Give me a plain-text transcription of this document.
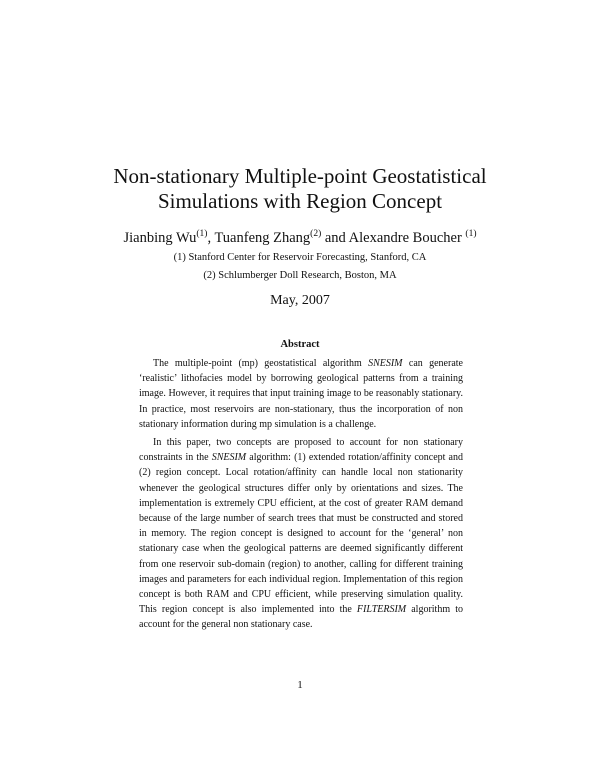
Non-stationary Multiple-point Geostatistical
Simulations with Region Concept
Jianbing Wu$^{(1)}$, Tuanfeng Zhang$^{(2)}$ and Alexandre Boucher $^{(1)}$
(1) Stanford Center for Reservoir Forecasting, Stanford, CA
(2) Schlumberger Doll Research, Boston, MA
May, 2007
Abstract

The multiple-point (mp) geostatistical algorithm SNESIM can generate ‘realistic’ lithofacies model by borrowing geological patterns from a training image. However, it requires that input training image to be reasonably stationary. In practice, most reservoirs are non-stationary, thus the incorporation of non stationary information during mp simulation is a challenge.

In this paper, two concepts are proposed to account for non stationary constraints in the SNESIM algorithm: (1) extended rotation/affinity concept and (2) region concept. Local rotation/affinity can handle local non stationarity whenever the geological structures differ only by orientations and sizes. The implementation is extremely CPU efficient, at the cost of greater RAM demand because of the large number of search trees that must be constructed and stored in memory. The region concept is designed to account for the ‘general’ non stationary case when the geological patterns are deemed significantly different from one reservoir sub-domain (region) to another, calling for different training images and parameters for each individual region. Implementation of this region concept is both RAM and CPU efficient, while preserving simulation quality. This region concept is also implemented into the FILTERSIM algorithm to account for the general non stationary case.

1
